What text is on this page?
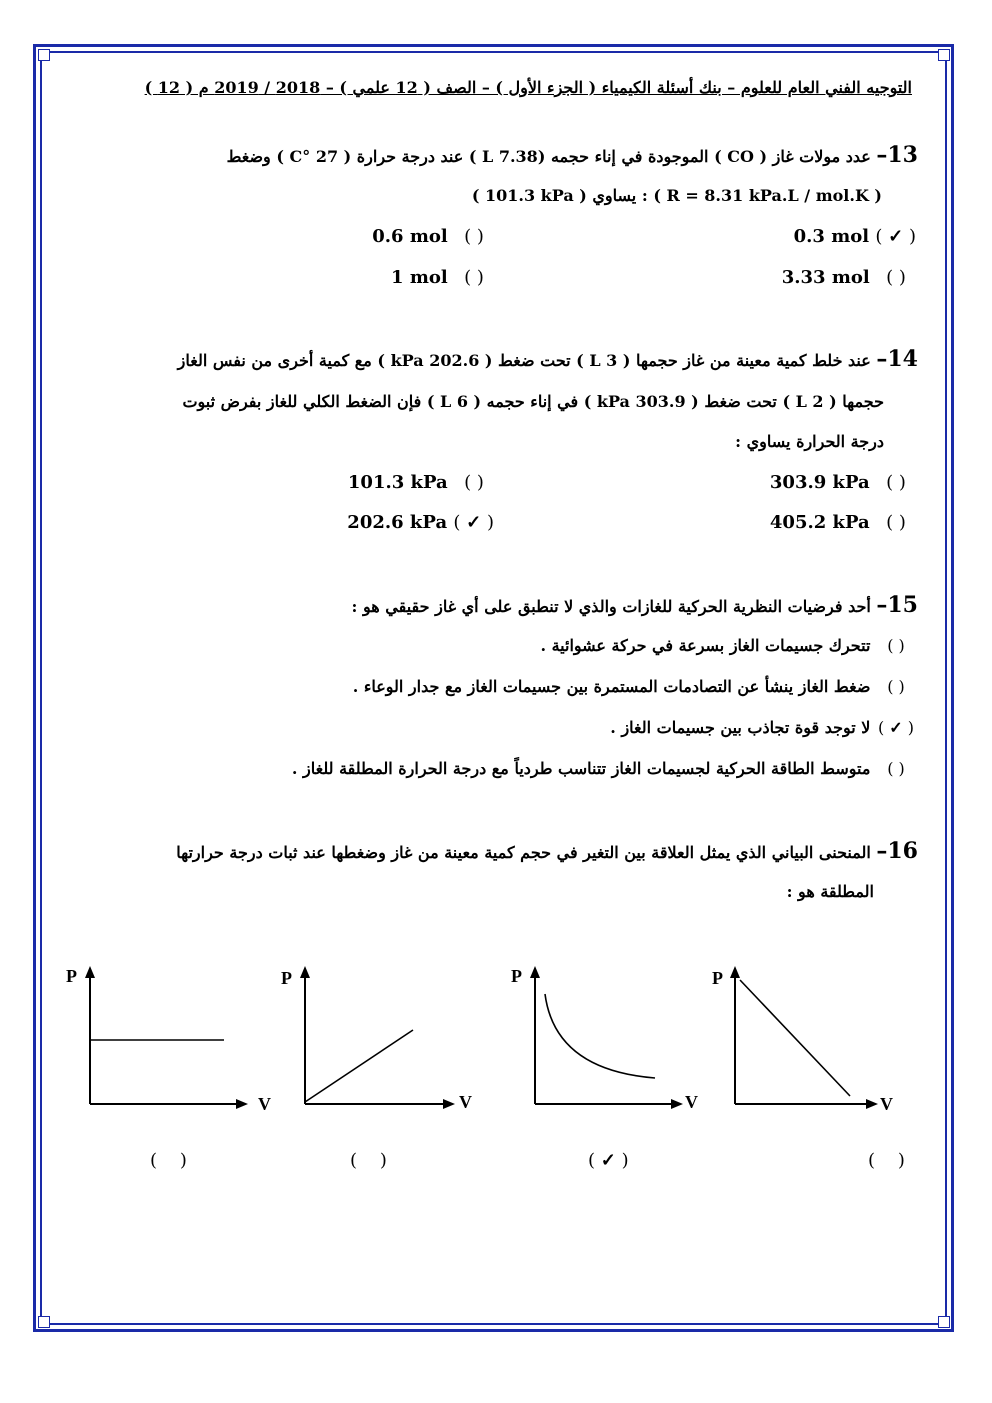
التوجيه الفني العام للعلوم – بنك أسئلة الكيمياء ( الجزء الأول ) – الصف ( 12 علمي ) – 2018 / 2019 م ( 12 )
13– عدد مولات غاز ( CO ) الموجودة في إناء حجمه (L 7.38 ) عند درجة حرارة ( 27 °C ) وضغط
( 101.3 kPa ) يساوي : ( R = 8.31 kPa.L / mol.K )
( ✓ ) 0.3 mol
( ) 0.6 mol
( ) 3.33 mol
( ) 1 mol
14– عند خلط كمية معينة من غاز حجمها ( 3 L ) تحت ضغط ( 202.6 kPa ) مع كمية أخرى من نفس الغاز
حجمها ( 2 L ) تحت ضغط ( 303.9 kPa ) في إناء حجمه ( 6 L ) فإن الضغط الكلي للغاز بفرض ثبوت
درجة الحرارة يساوي :
( ) 303.9 kPa
( ) 101.3 kPa
( ) 405.2 kPa
( ✓ ) 202.6 kPa
15– أحد فرضيات النظرية الحركية للغازات والذي لا تنطبق على أي غاز حقيقي هو :
( ) تتحرك جسيمات الغاز بسرعة في حركة عشوائية .
( ) ضغط الغاز ينشأ عن التصادمات المستمرة بين جسيمات الغاز مع جدار الوعاء .
( ✓ ) لا توجد قوة تجاذب بين جسيمات الغاز .
( ) متوسط الطاقة الحركية لجسيمات الغاز تتناسب طردياً مع درجة الحرارة المطلقة للغاز .
16– المنحنى البياني الذي يمثل العلاقة بين التغير في حجم كمية معينة من غاز وضغطها عند ثبات درجة حرارتها
المطلقة هو :
P
V
P
V
P
V
P
V
(    )
( ✓ )
(    )
(    )
